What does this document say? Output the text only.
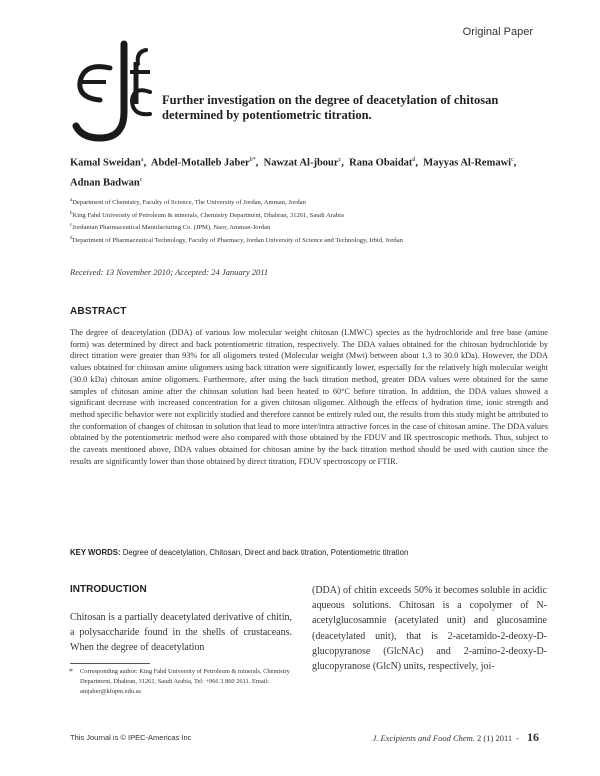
Original Paper
Further investigation on the degree of deacetylation of chitosan determined by potentiometric titration.
Kamal Sweidan$^a$,  Abdel-Motalleb Jaber$^{b*}$,  Nawzat Al-jbour$^c$,  Rana Obaidat$^d$,  Mayyas Al-Remawi$^c$,  Adnan Badwan$^c$
$^a$Department of Chemistry, Faculty of Science, The University of Jordan, Amman, Jordan
$^b$King Fahd University of Petroleum & minerals, Chemistry Department, Dhahran, 31261, Saudi Arabia
$^c$Jordanian Pharmaceutical Manufacturing Co. (JPM), Naor, Amman-Jordan
$^d$Department of Pharmaceutical Technology, Faculty of Pharmacy, Jordan University of Science and Technology, Irbid, Jordan
Received: 13 November 2010; Accepted: 24 January 2011
ABSTRACT
The degree of deacetylation (DDA) of various low molecular weight chitosan (LMWC) species as the hydrochloride and free base (amine form) was determined by direct and back potentiometric titration, respectively. The DDA values obtained for the chitosan hydrochloride by direct titration were greater than 93% for all oligomers tested (Molecular weight (Mwt) between about 1.3 to 30.0 kDa). However, the DDA values obtained for chitosan amine oligomers using back titration were significantly lower, especially for the relatively high molecular weight (30.0 kDa) chitosan amine oligomers. Furthermore, after using the back titration method, greater DDA values were obtained for the same samples of chitosan amine after the chitosan solution had been heated to 60°C before titration. In addition, the DDA values showed a significant decrease with increased concentration for a given chitosan oligomer. Although the effects of hydration time, ionic strength and method specific behavior were not explicitly studied and therefore cannot be entirely ruled out, the results from this study might be attributed to the conformation of changes of chitosan in solution that lead to more inter/intra attractive forces in the case of chitosan amine. The DDA values obtained by the potentiometric method were also compared with those obtained by the FDUV and IR spectroscopic methods. Thus, subject to the caveats mentioned above, DDA values obtained for chitosan amine by the back titration method should be used with caution since the results are significantly lower than those obtained by direct titration, FDUV spectroscopy or FTIR.
KEY WORDS: Degree of deacetylation, Chitosan, Direct and back titration, Potentiometric titration
INTRODUCTION
Chitosan is a partially deacetylated derivative of chitin, a polysaccharide found in the shells of crustaceans. When the degree of deacetylation
(DDA) of chitin exceeds 50% it becomes soluble in acidic aqueous solutions. Chitosan is a copolymer of N-acetylglucosamnie (acetylated unit) and glucosamine (deacetylated unit), that is 2-acetamido-2-deoxy-D-glucopyranose (GlcNAc) and 2-amino-2-deoxy-D-glucopyranose (GlcN) units, respectively, joi-
* Corresponding author: King Fahd University of Petroleum & minerals, Chemistry Department, Dhahran, 31261, Saudi Arabia, Tel: +966 3 860 2611. Email: amjaber@kfupm.edu.sa
This Journal is © IPEC-Americas Inc	J. Excipients and Food Chem. 2 (1) 2011 - 16
